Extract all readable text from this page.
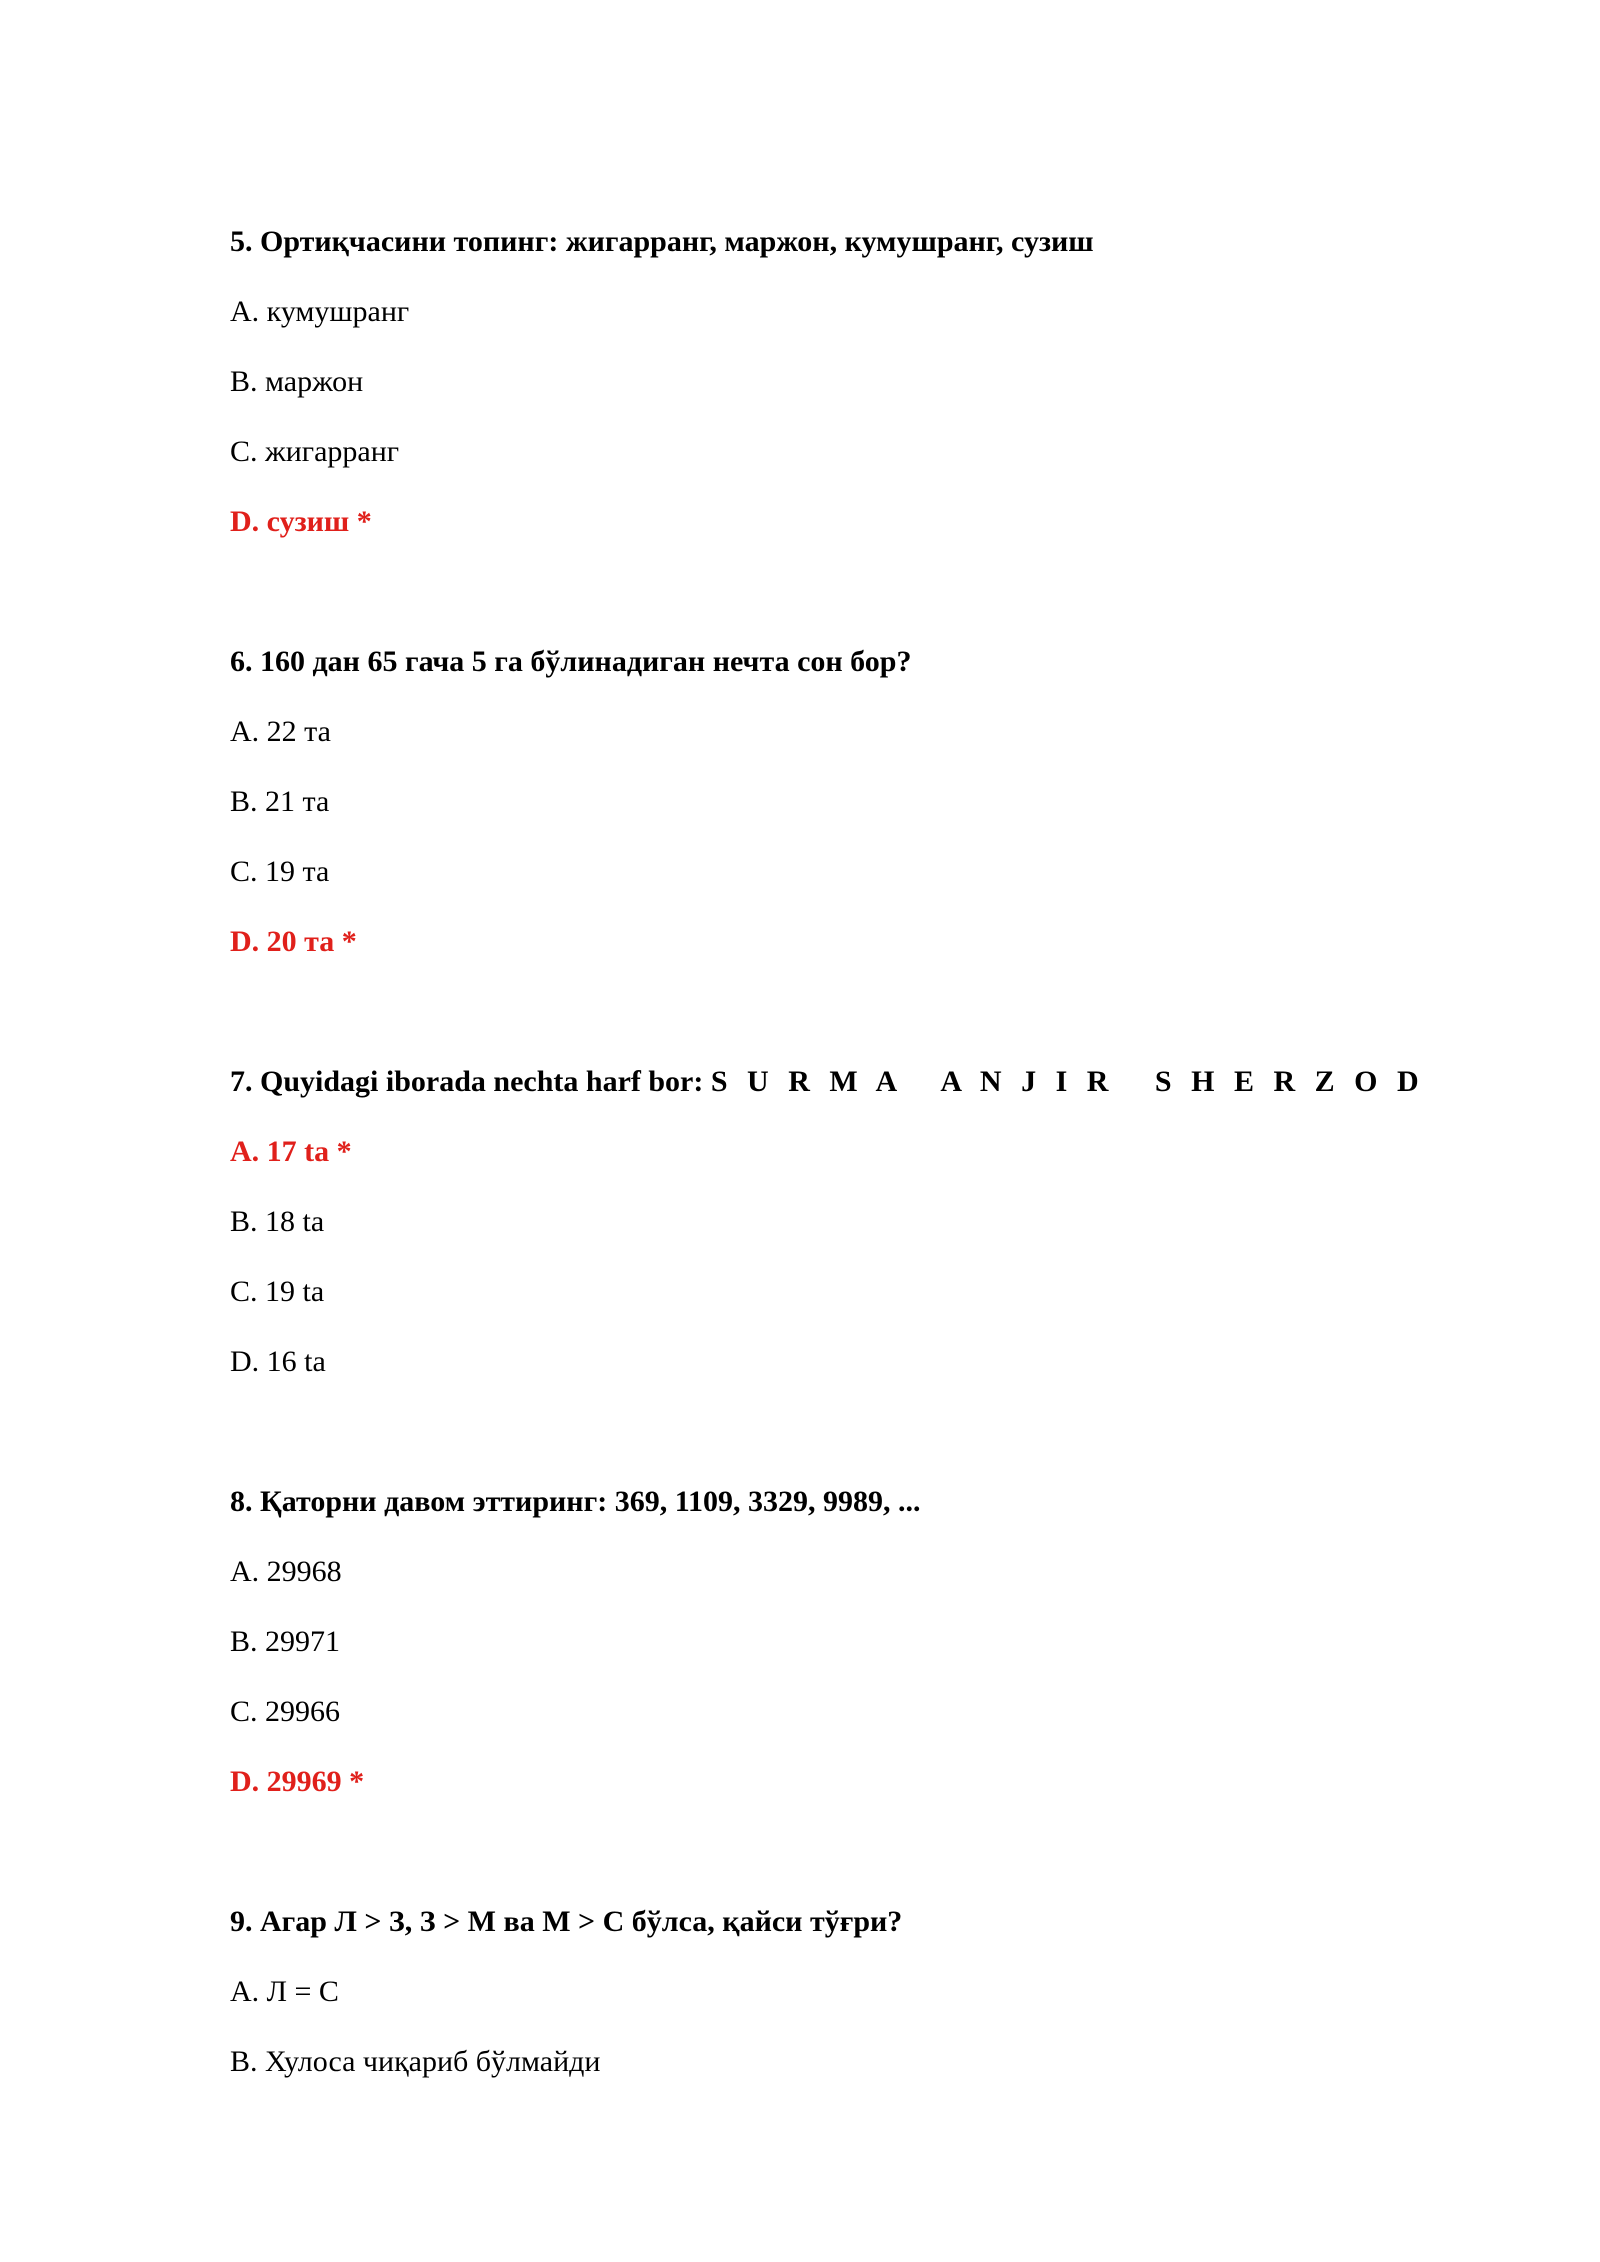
5. Ортиқчасини топинг: жигарранг, маржон, кумушранг, сузиш
A. кумушранг
B. маржон
C. жигарранг
D. сузиш *
6. 160 дан 65 гача 5 га бўлинадиган нечта сон бор?
A. 22 та
B. 21 та
C. 19 та
D. 20 та *
7. Quyidagi iborada nechta harf bor: S U R M A   A N J I R   S H E R Z O D
A. 17 ta *
B. 18 ta
C. 19 ta
D. 16 ta
8. Қаторни давом эттиринг: 369, 1109, 3329, 9989, ...
A. 29968
B. 29971
C. 29966
D. 29969 *
9. Агар Л > З, З > М ва М > С бўлса, қайси тўғри?
A. Л = С
B. Хулоса чиқариб бўлмайди
